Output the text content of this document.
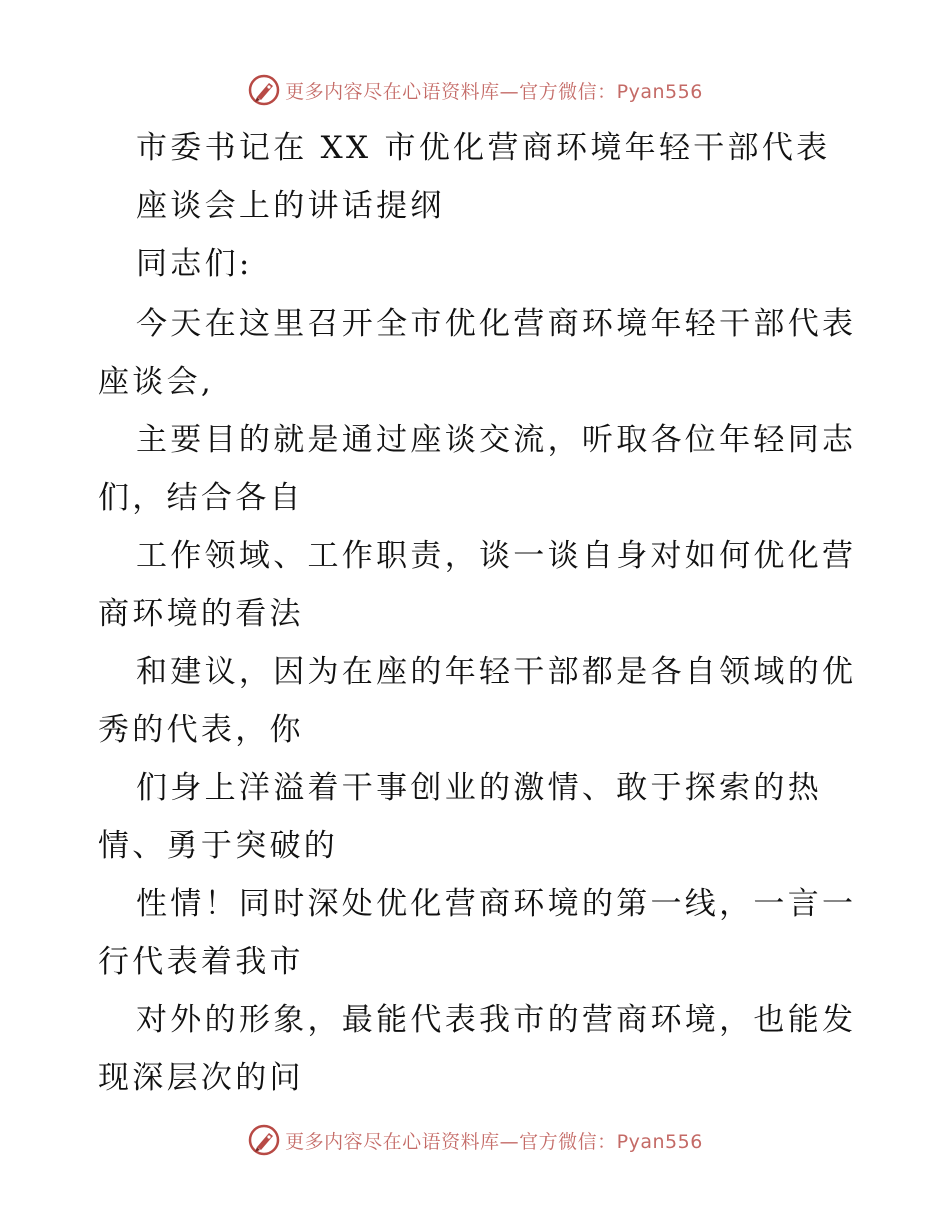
更多内容尽在心语资料库—官方微信：Pyan556
市委书记在 XX 市优化营商环境年轻干部代表
座谈会上的讲话提纲
同志们:
今天在这里召开全市优化营商环境年轻干部代表
座谈会,
主要目的就是通过座谈交流，听取各位年轻同志
们，结合各自
工作领域、工作职责，谈一谈自身对如何优化营
商环境的看法
和建议，因为在座的年轻干部都是各自领域的优
秀的代表，你
们身上洋溢着干事创业的激情、敢于探索的热
情、勇于突破的
性情！同时深处优化营商环境的第一线，一言一
行代表着我市
对外的形象，最能代表我市的营商环境，也能发
现深层次的问
更多内容尽在心语资料库—官方微信：Pyan556
